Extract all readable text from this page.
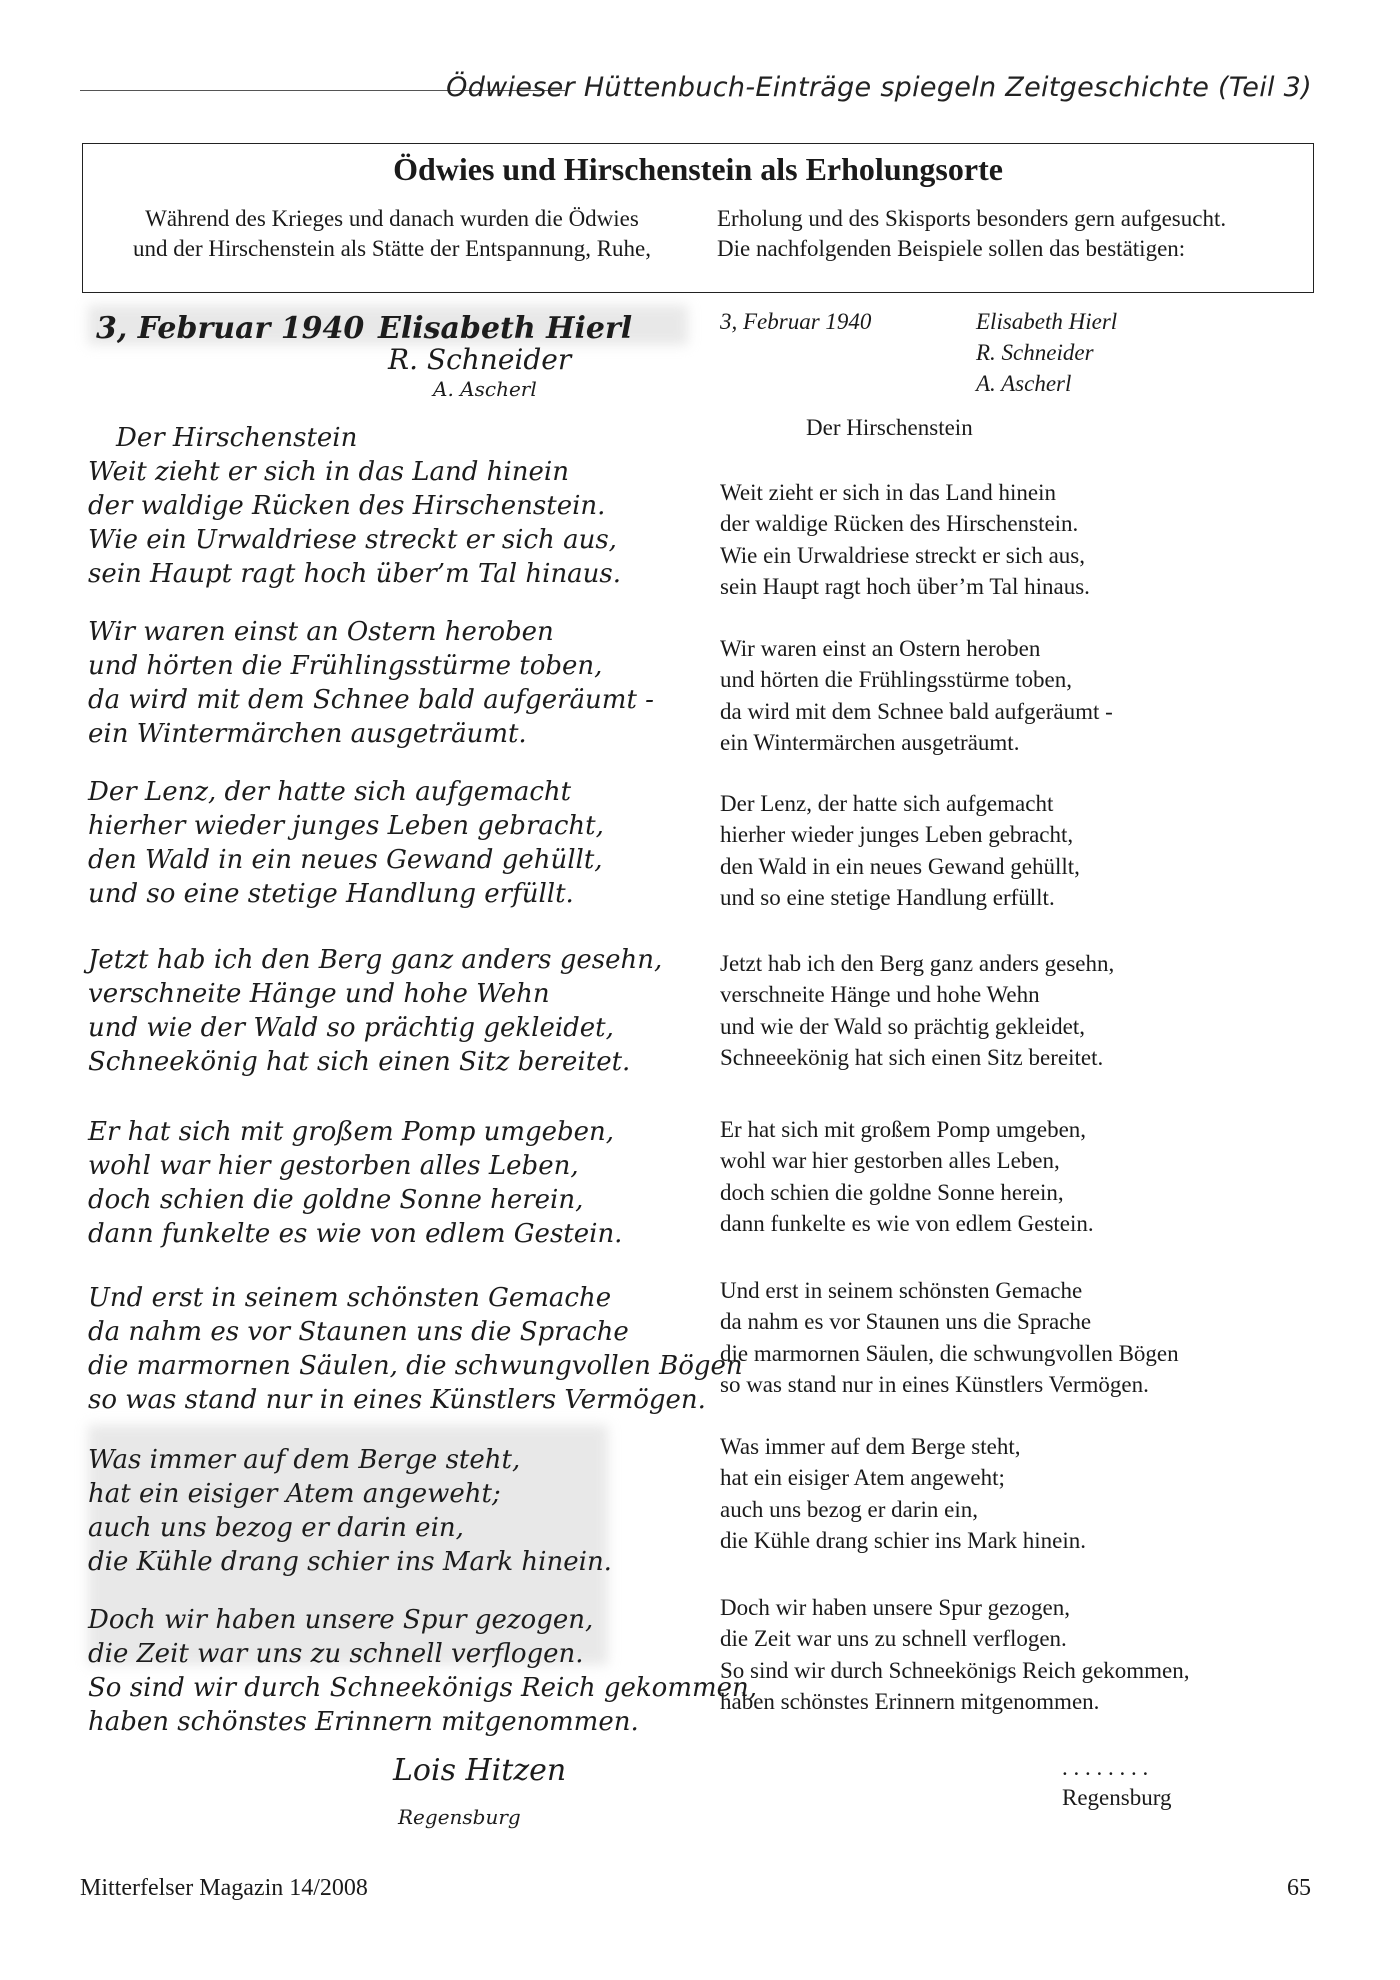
Ödwieser Hüttenbuch-Einträge spiegeln Zeitgeschichte (Teil 3)
Ödwies und Hirschenstein als Erholungsorte
Während des Krieges und danach wurden die Ödwies
und der Hirschenstein als Stätte der Entspannung, Ruhe,
Erholung und des Skisports besonders gern aufgesucht.
Die nachfolgenden Beispiele sollen das bestätigen:
3, Februar 1940 Elisabeth Hierl
R. Schneider
A. Ascherl
Der Hirschenstein
Weit zieht er sich in das Land hinein
der waldige Rücken des Hirschenstein.
Wie ein Urwaldriese streckt er sich aus,
sein Haupt ragt hoch über’m Tal hinaus.
Wir waren einst an Ostern heroben
und hörten die Frühlingsstürme toben,
da wird mit dem Schnee bald aufgeräumt -
ein Wintermärchen ausgeträumt.
Der Lenz, der hatte sich aufgemacht
hierher wieder junges Leben gebracht,
den Wald in ein neues Gewand gehüllt,
und so eine stetige Handlung erfüllt.
Jetzt hab ich den Berg ganz anders gesehn,
verschneite Hänge und hohe Wehn
und wie der Wald so prächtig gekleidet,
Schneekönig hat sich einen Sitz bereitet.
Er hat sich mit großem Pomp umgeben,
wohl war hier gestorben alles Leben,
doch schien die goldne Sonne herein,
dann funkelte es wie von edlem Gestein.
Und erst in seinem schönsten Gemache
da nahm es vor Staunen uns die Sprache
die marmornen Säulen, die schwungvollen Bögen
so was stand nur in eines Künstlers Vermögen.
Was immer auf dem Berge steht,
hat ein eisiger Atem angeweht;
auch uns bezog er darin ein,
die Kühle drang schier ins Mark hinein.
Doch wir haben unsere Spur gezogen,
die Zeit war uns zu schnell verflogen.
So sind wir durch Schneekönigs Reich gekommen,
haben schönstes Erinnern mitgenommen.
Lois Hitzen
Regensburg
3, Februar 1940	Elisabeth Hierl
R. Schneider
A. Ascherl
Der Hirschenstein
Weit zieht er sich in das Land hinein
der waldige Rücken des Hirschenstein.
Wie ein Urwaldriese streckt er sich aus,
sein Haupt ragt hoch über’m Tal hinaus.
Wir waren einst an Ostern heroben
und hörten die Frühlingsstürme toben,
da wird mit dem Schnee bald aufgeräumt -
ein Wintermärchen ausgeträumt.
Der Lenz, der hatte sich aufgemacht
hierher wieder junges Leben gebracht,
den Wald in ein neues Gewand gehüllt,
und so eine stetige Handlung erfüllt.
Jetzt hab ich den Berg ganz anders gesehn,
verschneite Hänge und hohe Wehn
und wie der Wald so prächtig gekleidet,
Schneeekönig hat sich einen Sitz bereitet.
Er hat sich mit großem Pomp umgeben,
wohl war hier gestorben alles Leben,
doch schien die goldne Sonne herein,
dann funkelte es wie von edlem Gestein.
Und erst in seinem schönsten Gemache
da nahm es vor Staunen uns die Sprache
die marmornen Säulen, die schwungvollen Bögen
so was stand nur in eines Künstlers Vermögen.
Was immer auf dem Berge steht,
hat ein eisiger Atem angeweht;
auch uns bezog er darin ein,
die Kühle drang schier ins Mark hinein.
Doch wir haben unsere Spur gezogen,
die Zeit war uns zu schnell verflogen.
So sind wir durch Schneekönigs Reich gekommen,
haben schönstes Erinnern mitgenommen.
. . . . . . . .
Regensburg
Mitterfelser Magazin 14/2008	65
